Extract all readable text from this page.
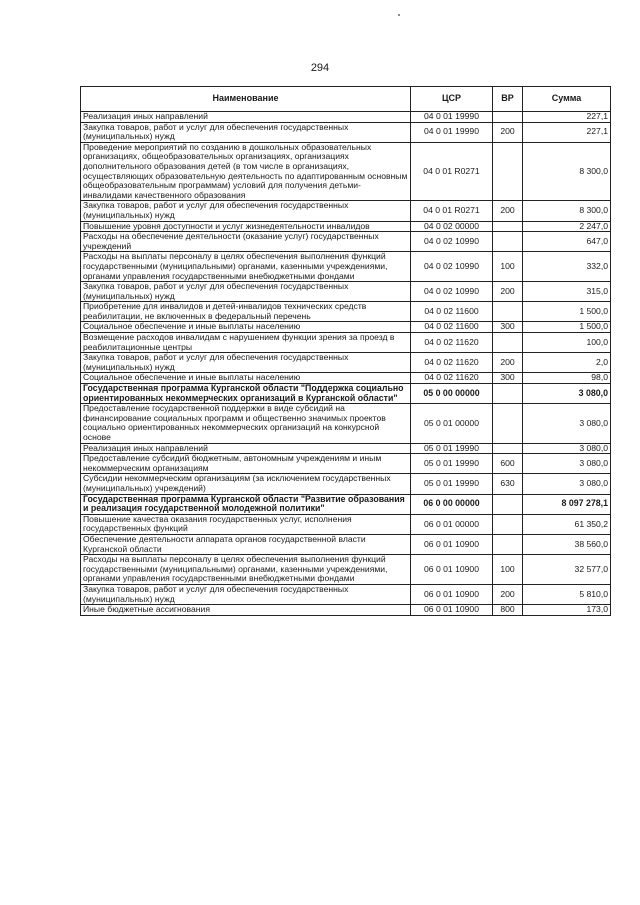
294
Наименование	ЦСР	ВР	Сумма
Реализация иных направлений	04 0 01 19990		227,1
Закупка товаров, работ и услуг для обеспечения государственных (муниципальных) нужд	04 0 01 19990	200	227,1
Проведение мероприятий по созданию в дошкольных образовательных организациях, общеобразовательных организациях, организациях дополнительного образования детей (в том числе в организациях, осуществляющих образовательную деятельность по адаптированным основным общеобразовательным программам) условий для получения детьми-инвалидами качественного образования	04 0 01 R0271		8 300,0
Закупка товаров, работ и услуг для обеспечения государственных (муниципальных) нужд	04 0 01 R0271	200	8 300,0
Повышение уровня доступности и услуг жизнедеятельности инвалидов	04 0 02 00000		2 247,0
Расходы на обеспечение деятельности (оказание услуг) государственных учреждений	04 0 02 10990		647,0
Расходы на выплаты персоналу в целях обеспечения выполнения функций государственными (муниципальными) органами, казенными учреждениями, органами управления государственными внебюджетными фондами	04 0 02 10990	100	332,0
Закупка товаров, работ и услуг для обеспечения государственных (муниципальных) нужд	04 0 02 10990	200	315,0
Приобретение для инвалидов и детей-инвалидов технических средств реабилитации, не включенных в федеральный перечень	04 0 02 11600		1 500,0
Социальное обеспечение и иные выплаты населению	04 0 02 11600	300	1 500,0
Возмещение расходов инвалидам с нарушением функции зрения за проезд в реабилитационные центры	04 0 02 11620		100,0
Закупка товаров, работ и услуг для обеспечения государственных (муниципальных) нужд	04 0 02 11620	200	2,0
Социальное обеспечение и иные выплаты населению	04 0 02 11620	300	98,0
Государственная программа Курганской области "Поддержка социально ориентированных некоммерческих организаций в Курганской области"	05 0 00 00000		3 080,0
Предоставление государственной поддержки в виде субсидий на финансирование социальных программ и общественно значимых проектов социально ориентированных некоммерческих организаций на конкурсной основе	05 0 01 00000		3 080,0
Реализация иных направлений	05 0 01 19990		3 080,0
Предоставление субсидий бюджетным, автономным учреждениям и иным некоммерческим организациям	05 0 01 19990	600	3 080,0
Субсидии некоммерческим организациям (за исключением государственных (муниципальных) учреждений)	05 0 01 19990	630	3 080,0
Государственная программа Курганской области "Развитие образования и реализация государственной молодежной политики"	06 0 00 00000		8 097 278,1
Повышение качества оказания государственных услуг, исполнения государственных функций	06 0 01 00000		61 350,2
Обеспечение деятельности аппарата органов государственной власти Курганской области	06 0 01 10900		38 560,0
Расходы на выплаты персоналу в целях обеспечения выполнения функций государственными (муниципальными) органами, казенными учреждениями, органами управления государственными внебюджетными фондами	06 0 01 10900	100	32 577,0
Закупка товаров, работ и услуг для обеспечения государственных (муниципальных) нужд	06 0 01 10900	200	5 810,0
Иные бюджетные ассигнования	06 0 01 10900	800	173,0
